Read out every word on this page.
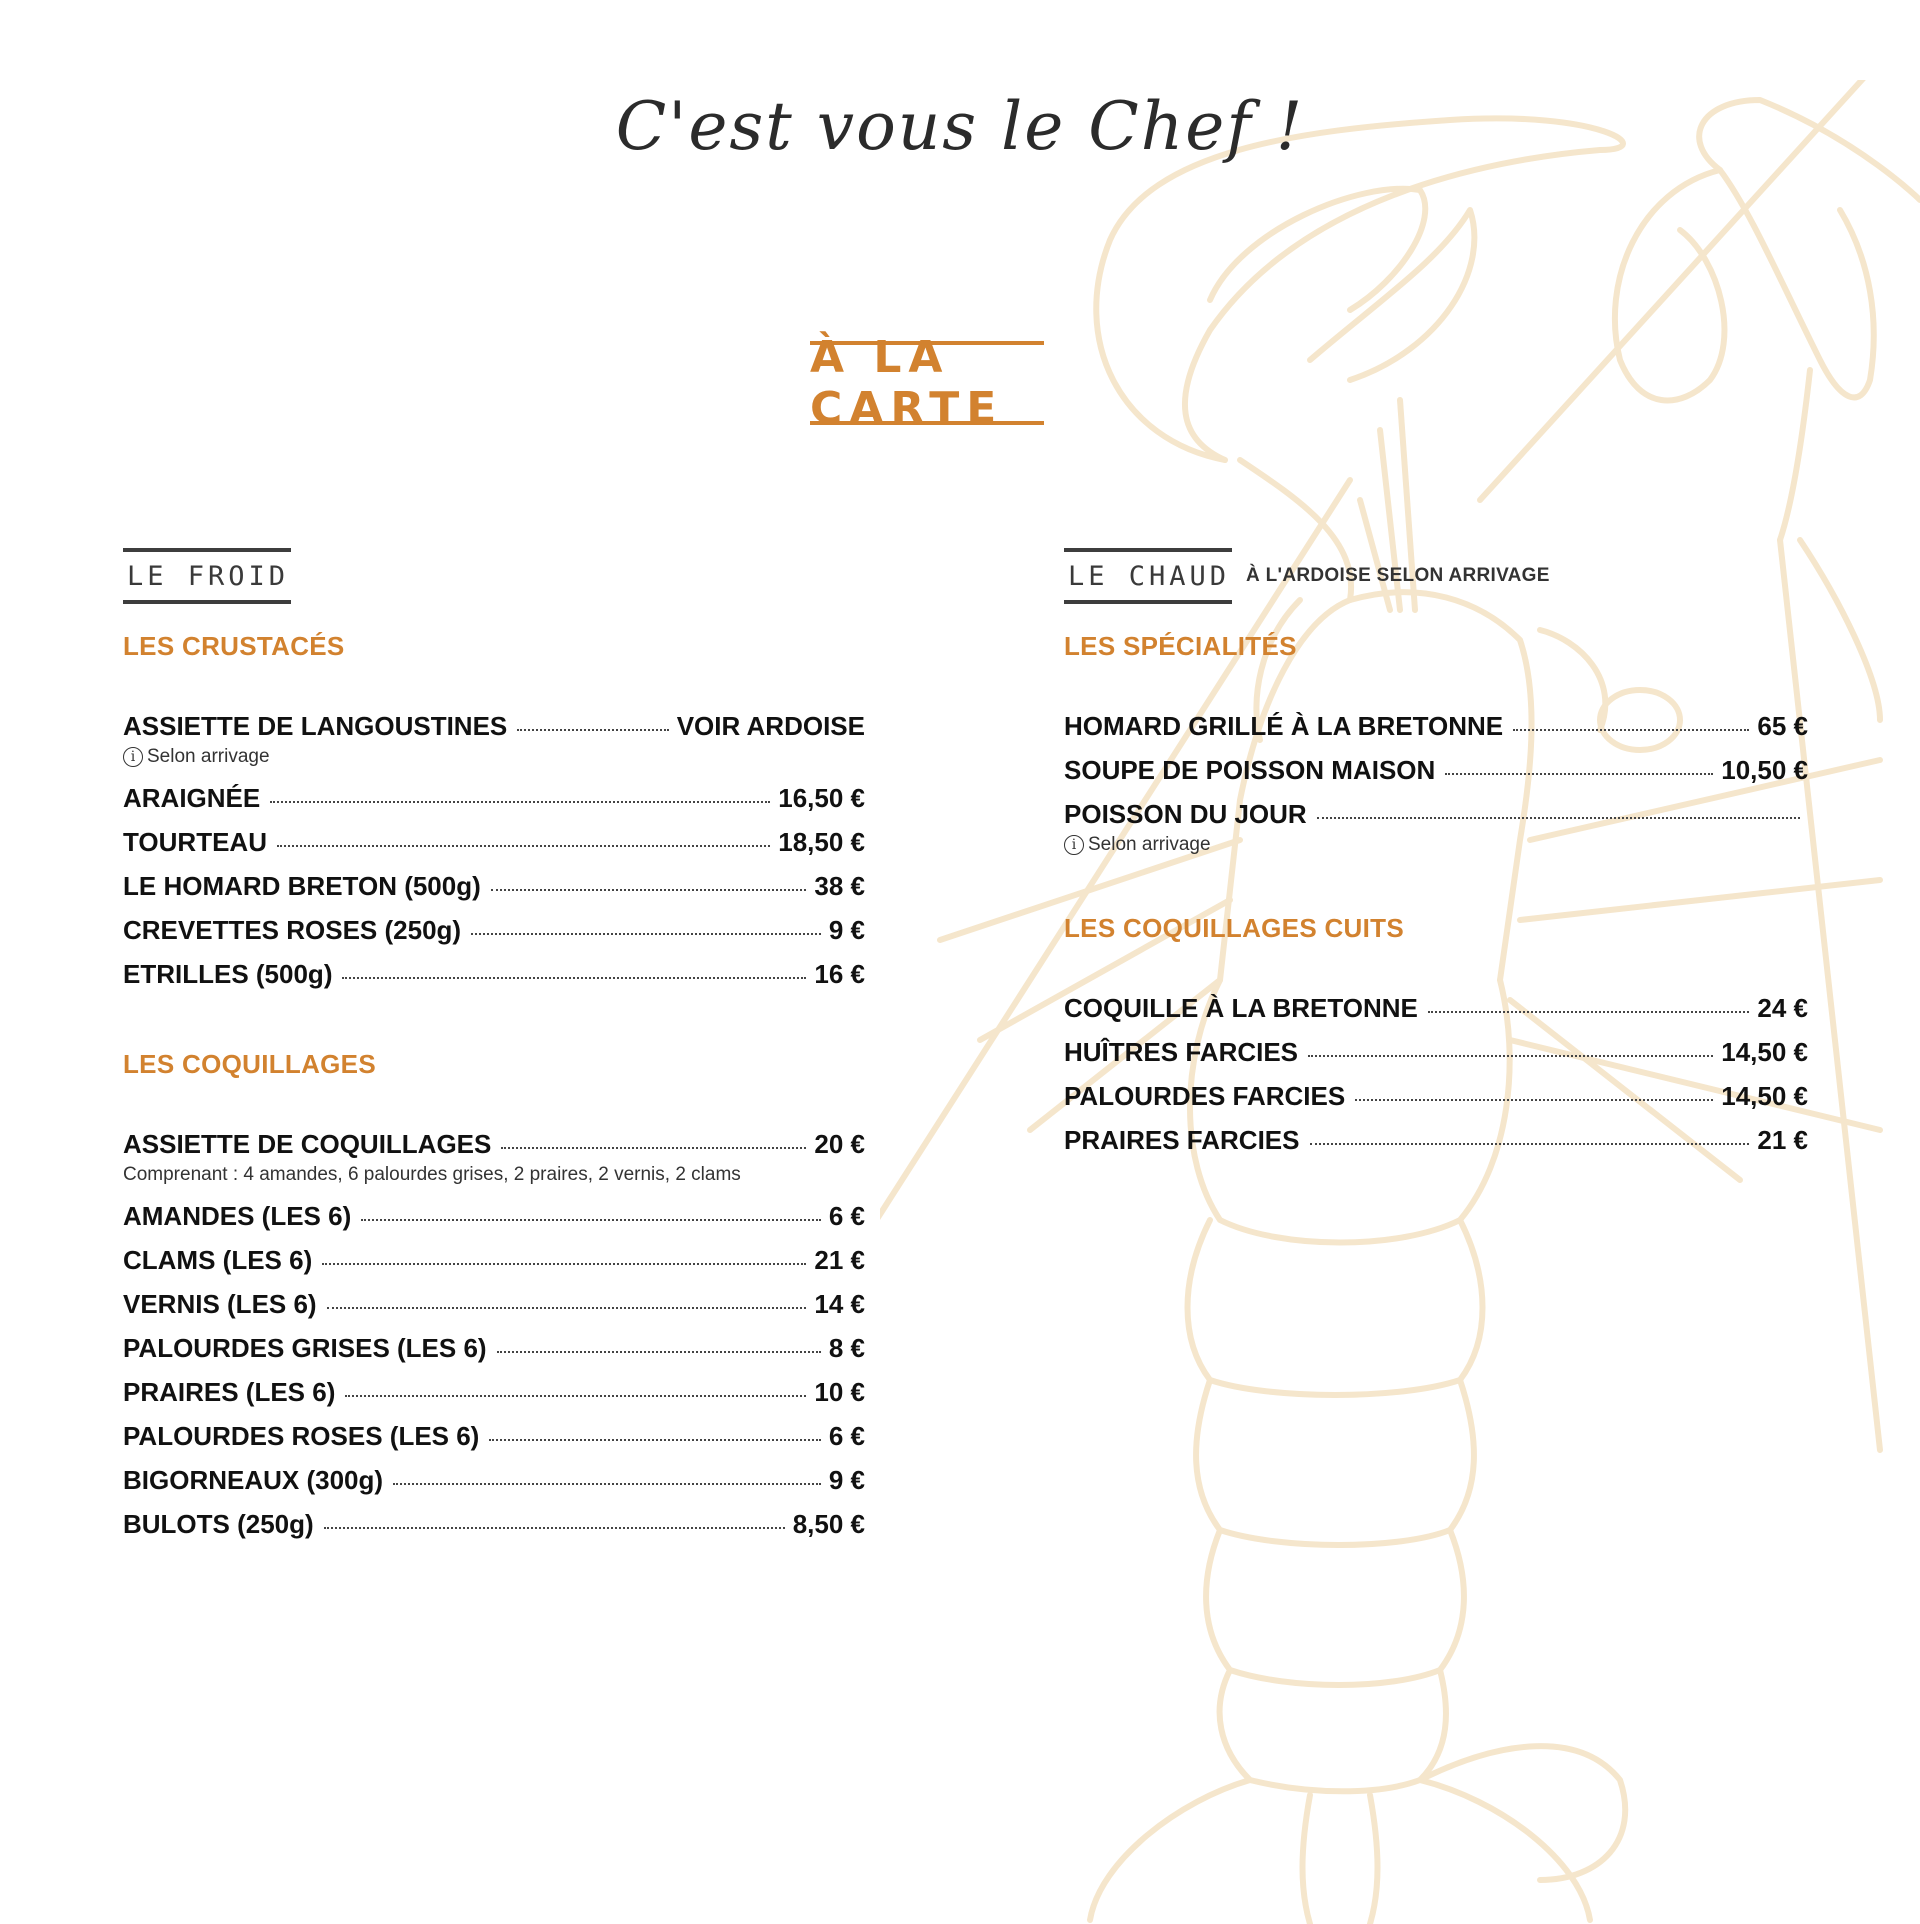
C'est vous le Chef !
À LA CARTE
LE FROID
LES CRUSTACÉS
ASSIETTE DE LANGOUSTINES	VOIR ARDOISE
i Selon arrivage
ARAIGNÉE	16,50 €
TOURTEAU	18,50 €
LE HOMARD BRETON (500g)	38 €
CREVETTES ROSES (250g)	9 €
ETRILLES (500g)	16 €
LES COQUILLAGES
ASSIETTE DE COQUILLAGES	20 €
Comprenant : 4 amandes, 6 palourdes grises, 2 praires, 2 vernis, 2 clams
AMANDES (LES 6)	6 €
CLAMS (LES 6)	21 €
VERNIS (LES 6)	14 €
PALOURDES GRISES (LES 6)	8 €
PRAIRES (LES 6)	10 €
PALOURDES ROSES (LES 6)	6 €
BIGORNEAUX (300g)	9 €
BULOTS (250g)	8,50 €
LE CHAUD À L'ARDOISE SELON ARRIVAGE
LES SPÉCIALITÉS
HOMARD GRILLÉ À LA BRETONNE	65 €
SOUPE DE POISSON MAISON	10,50 €
POISSON DU JOUR
i Selon arrivage
LES COQUILLAGES CUITS
COQUILLE À LA BRETONNE	24 €
HUÎTRES FARCIES	14,50 €
PALOURDES FARCIES	14,50 €
PRAIRES FARCIES	21 €
